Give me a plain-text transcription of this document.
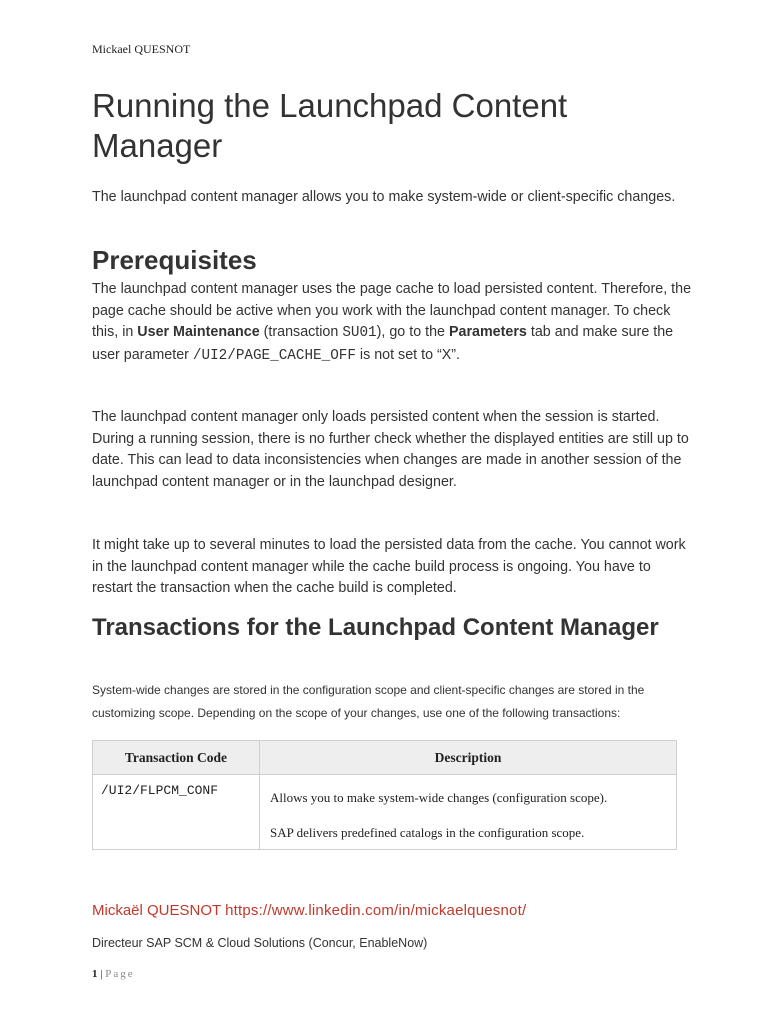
Mickael QUESNOT
Running the Launchpad Content Manager

The launchpad content manager allows you to make system-wide or client-specific changes.

Prerequisites

The launchpad content manager uses the page cache to load persisted content. Therefore, the page cache should be active when you work with the launchpad content manager. To check this, in User Maintenance (transaction SU01), go to the Parameters tab and make sure the user parameter /UI2/PAGE_CACHE_OFF is not set to “X”.

The launchpad content manager only loads persisted content when the session is started. During a running session, there is no further check whether the displayed entities are still up to date. This can lead to data inconsistencies when changes are made in another session of the launchpad content manager or in the launchpad designer.

It might take up to several minutes to load the persisted data from the cache. You cannot work in the launchpad content manager while the cache build process is ongoing. You have to restart the transaction when the cache build is completed.

Transactions for the Launchpad Content Manager

System-wide changes are stored in the configuration scope and client-specific changes are stored in the customizing scope. Depending on the scope of your changes, use one of the following transactions:

Transaction Code	Description
/UI2/FLPCM_CONF	Allows you to make system-wide changes (configuration scope).

SAP delivers predefined catalogs in the configuration scope.

Mickaël QUESNOT https://www.linkedin.com/in/mickaelquesnot/
Directeur SAP SCM & Cloud Solutions (Concur, EnableNow)
1 | Page
